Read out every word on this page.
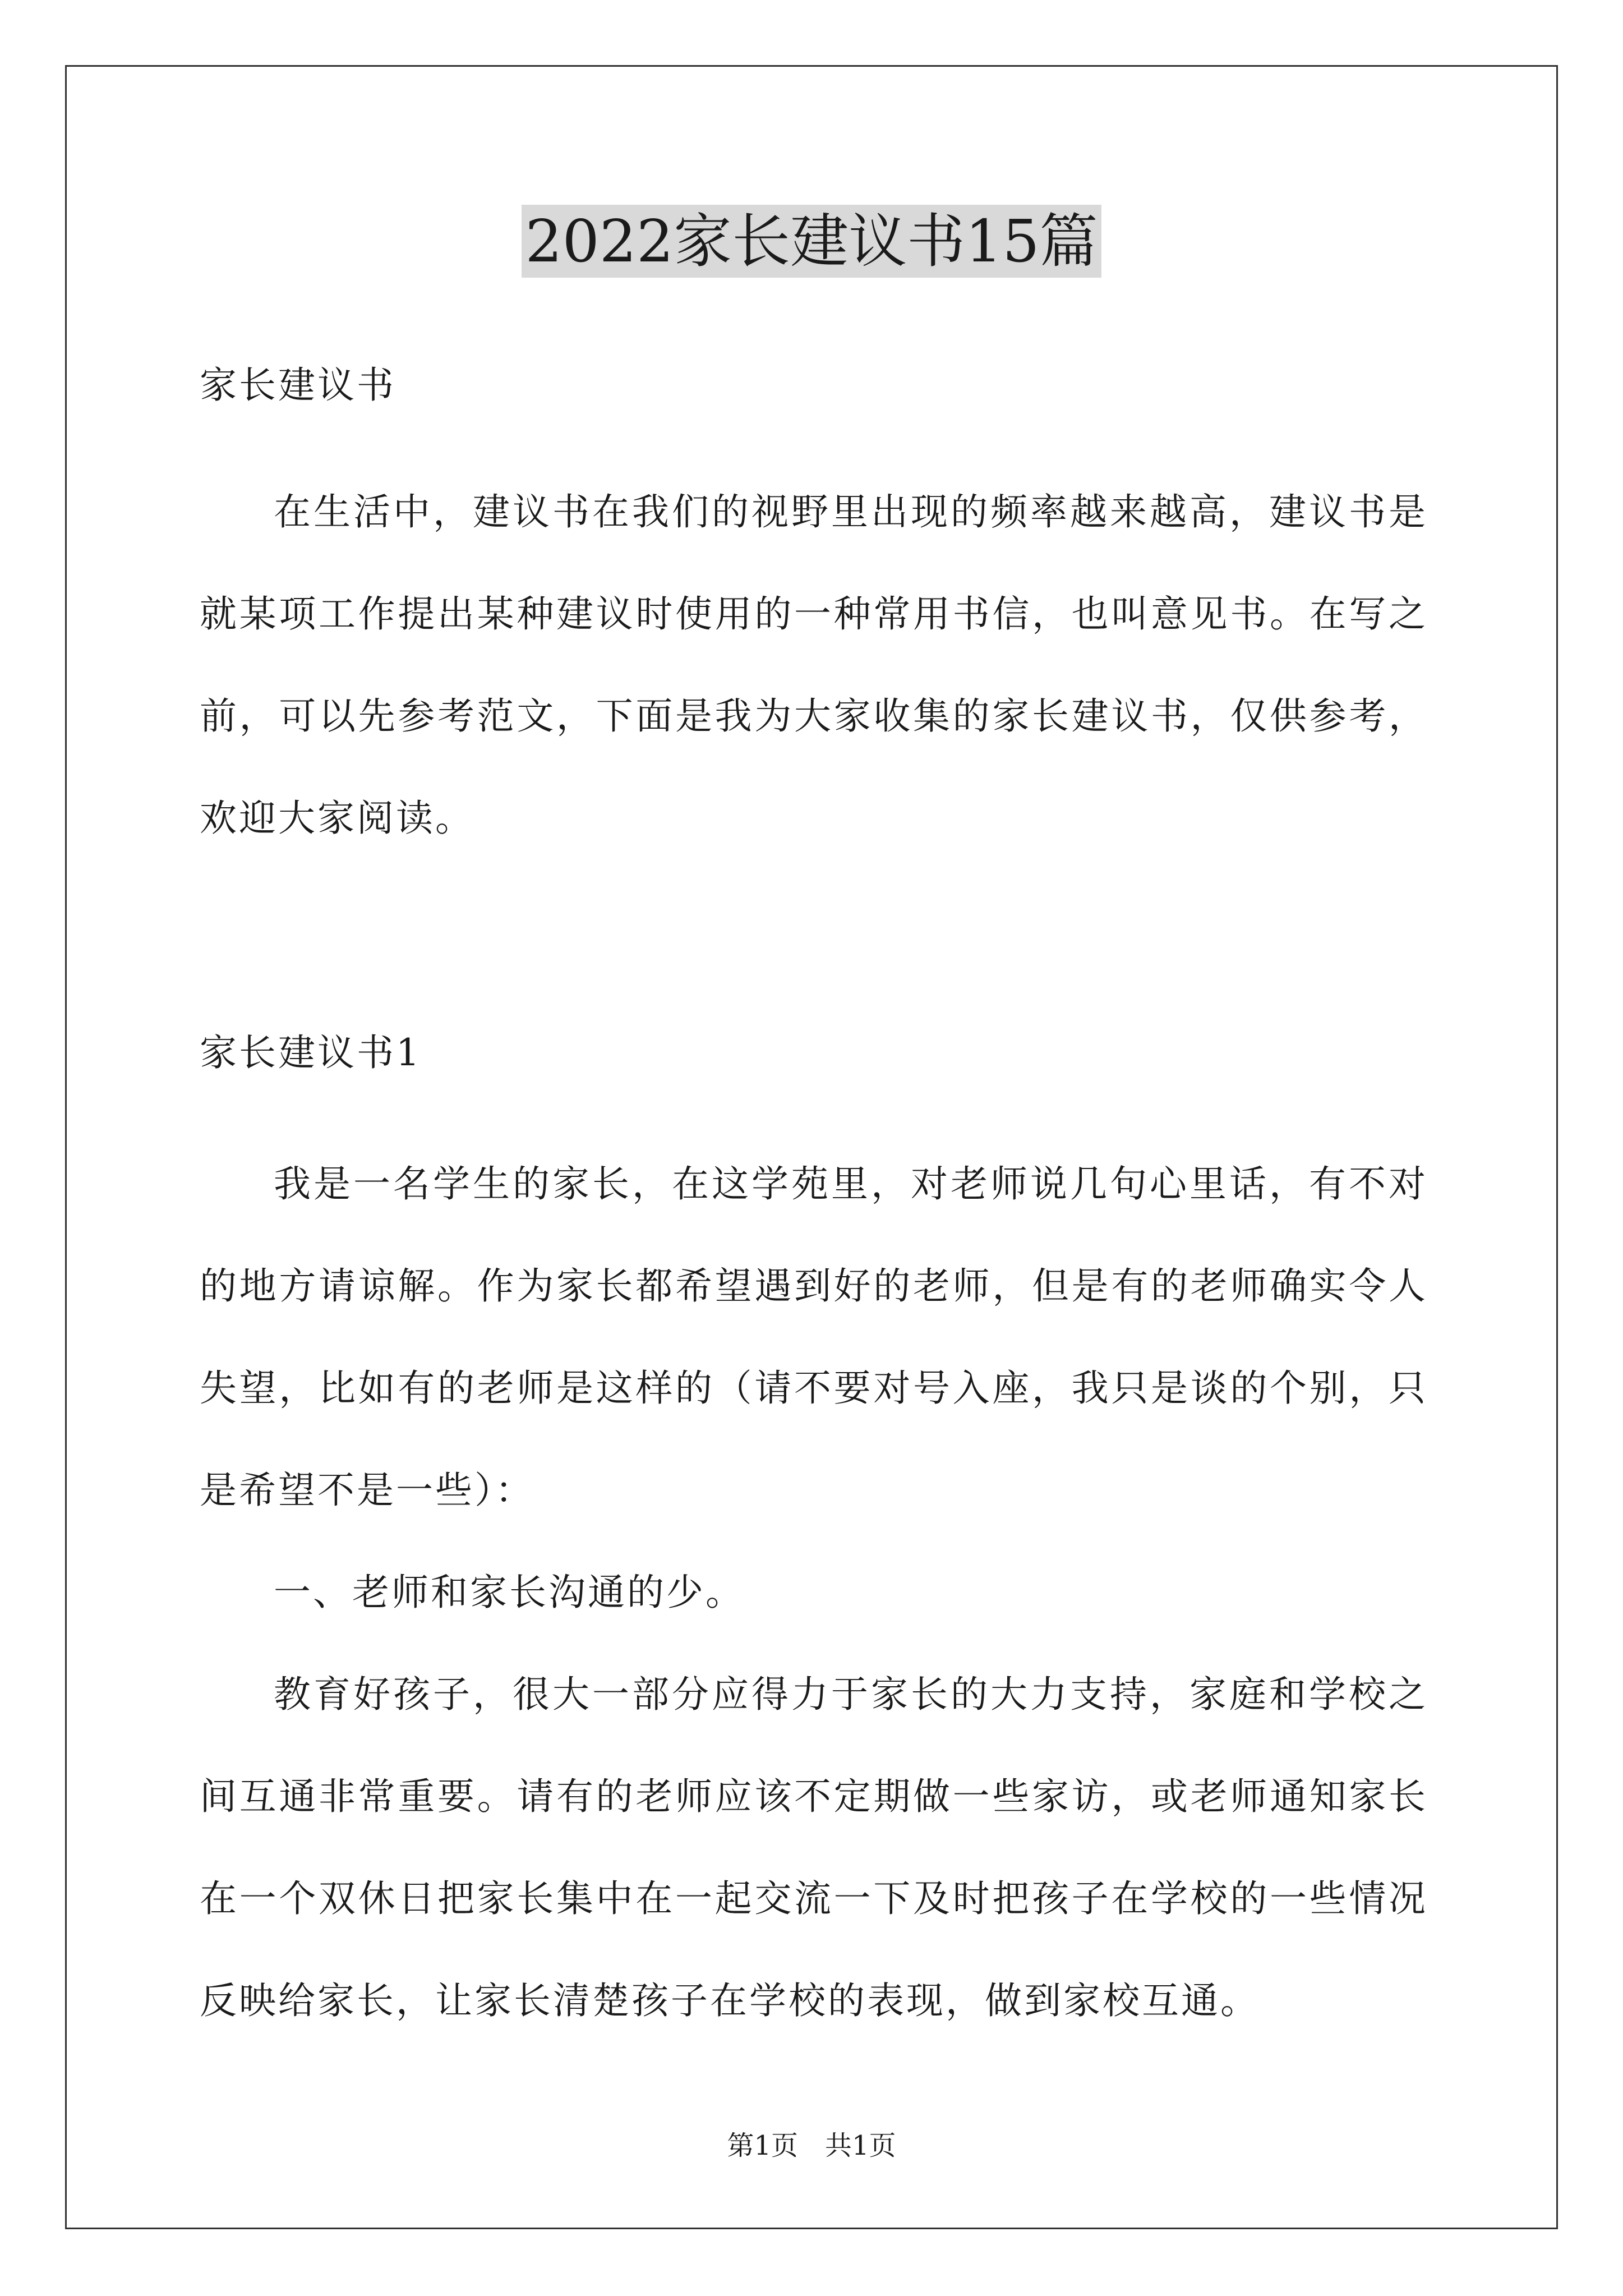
2022家长建议书15篇

家长建议书

在生活中，建议书在我们的视野里出现的频率越来越高，建议书是就某项工作提出某种建议时使用的一种常用书信，也叫意见书。在写之前，可以先参考范文，下面是我为大家收集的家长建议书，仅供参考，欢迎大家阅读。

家长建议书1

我是一名学生的家长，在这学苑里，对老师说几句心里话，有不对的地方请谅解。作为家长都希望遇到好的老师，但是有的老师确实令人失望，比如有的老师是这样的（请不要对号入座，我只是谈的个别，只是希望不是一些）：

一、老师和家长沟通的少。

教育好孩子，很大一部分应得力于家长的大力支持，家庭和学校之间互通非常重要。请有的老师应该不定期做一些家访，或老师通知家长在一个双休日把家长集中在一起交流一下及时把孩子在学校的一些情况反映给家长，让家长清楚孩子在学校的表现，做到家校互通。

第1页　共1页
